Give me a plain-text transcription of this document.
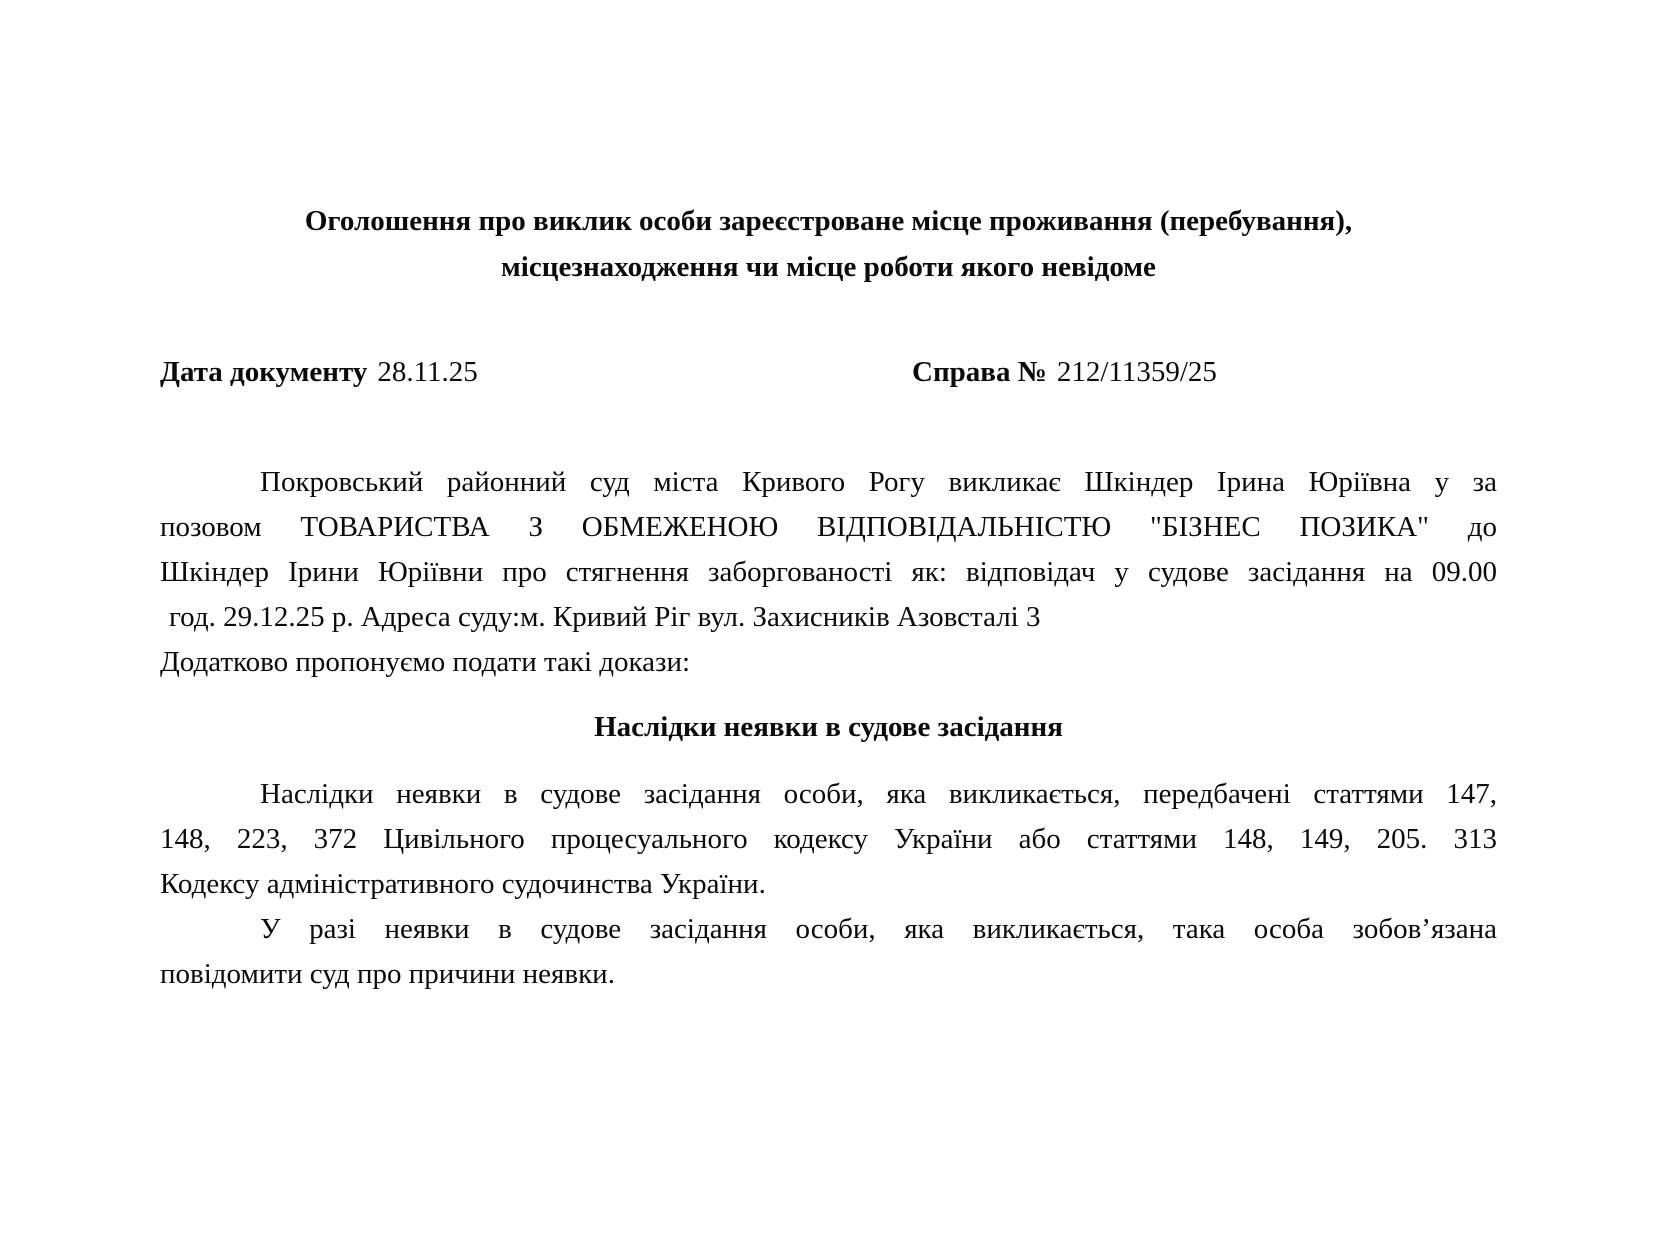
Оголошення про виклик особи зареєстроване місце проживання (перебування),
місцезнаходження чи місце роботи якого невідоме
Дата документу 28.11.25	Справа № 212/11359/25
Покровський районний суд міста Кривого Рогу викликає Шкіндер Ірина Юріївна у за
позовом ТОВАРИСТВА З ОБМЕЖЕНОЮ ВІДПОВІДАЛЬНІСТЮ "БІЗНЕС ПОЗИКА" до
Шкіндер Ірини Юріївни про стягнення заборгованості як: відповідач у судове засідання на 09.00
год. 29.12.25 р. Адреса суду:м. Кривий Ріг вул. Захисників Азовсталі 3
Додатково пропонуємо подати такі докази:
Наслідки неявки в судове засідання
Наслідки неявки в судове засідання особи, яка викликається, передбачені статтями 147,
148, 223, 372 Цивільного процесуального кодексу України або статтями 148, 149, 205. 313
Кодексу адміністративного судочинства України.
У разі неявки в судове засідання особи, яка викликається, така особа зобов’язана
повідомити суд про причини неявки.
